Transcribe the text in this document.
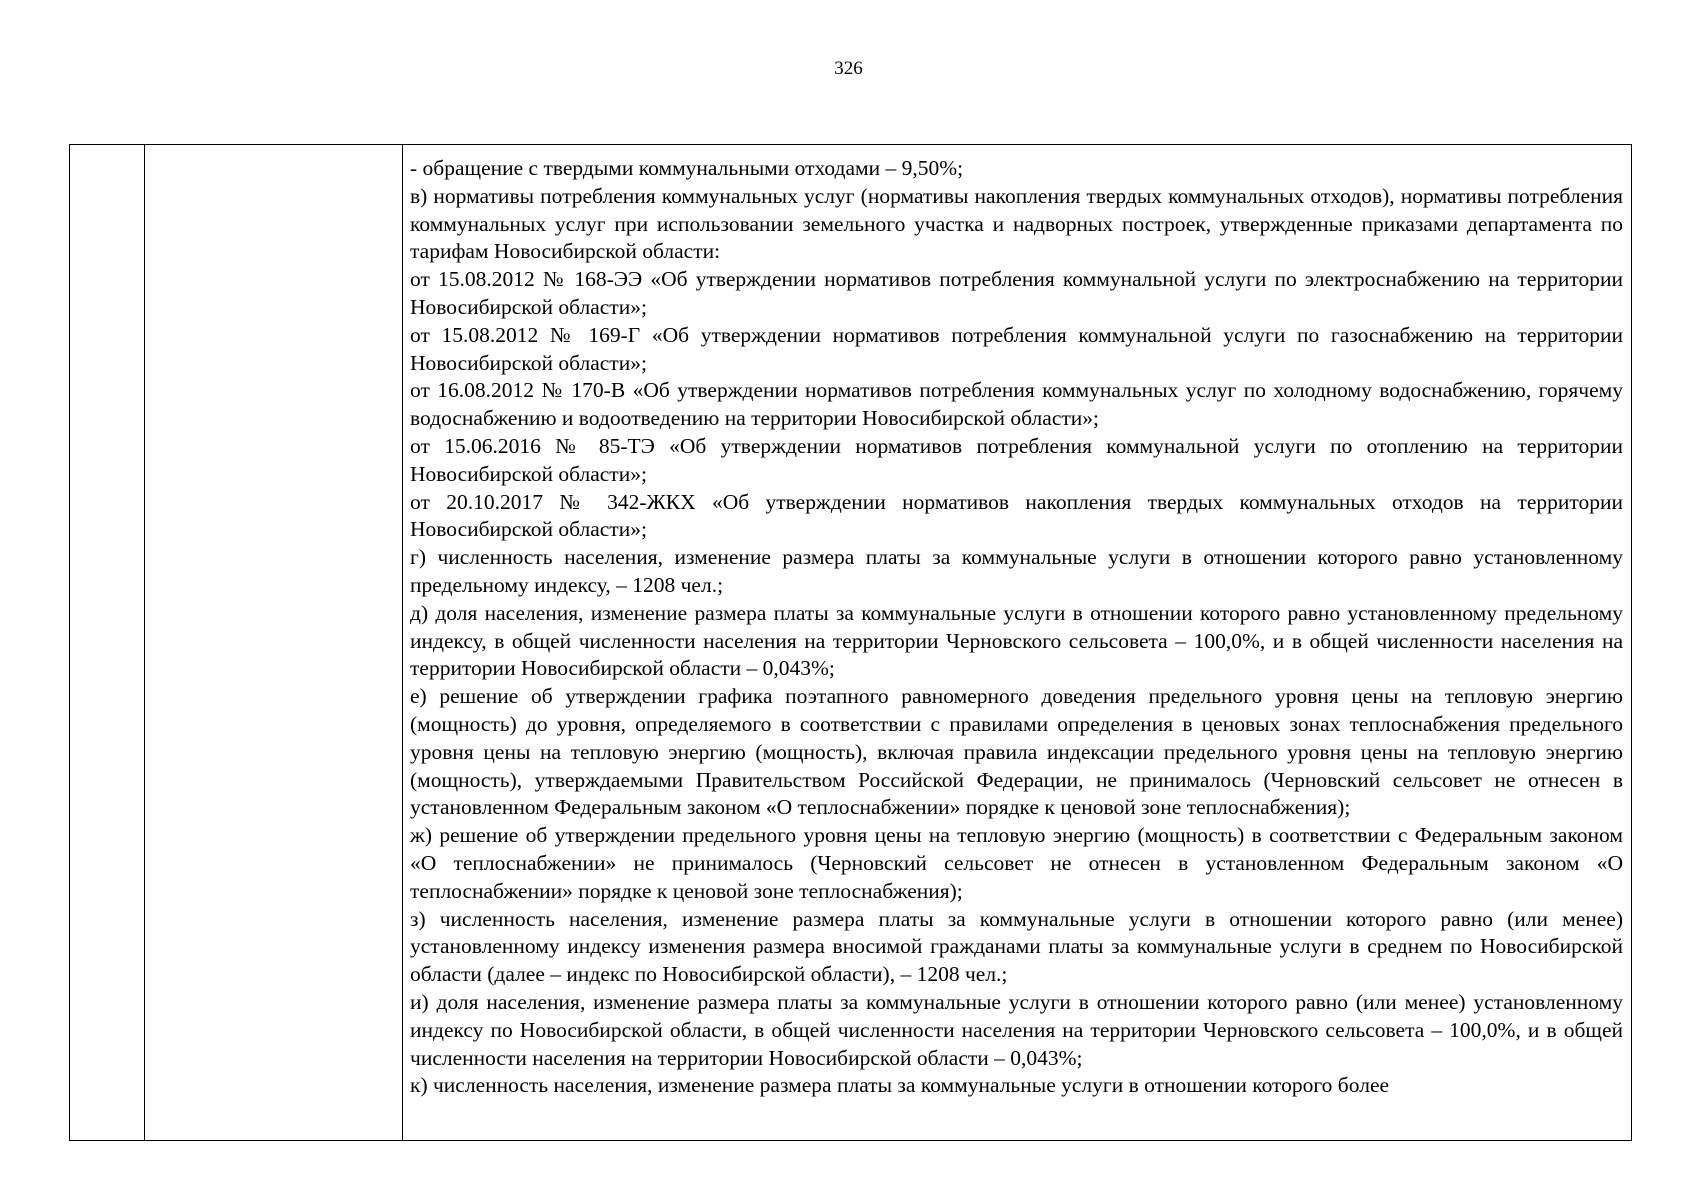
326

- обращение с твердыми коммунальными отходами – 9,50%;

в) нормативы потребления коммунальных услуг (нормативы накопления твердых коммунальных отходов), нормативы потребления коммунальных услуг при использовании земельного участка и надворных построек, утвержденные приказами департамента по тарифам Новосибирской области:

от 15.08.2012 № 168-ЭЭ «Об утверждении нормативов потребления коммунальной услуги по электроснабжению на территории Новосибирской области»;

от 15.08.2012 № 169-Г «Об утверждении нормативов потребления коммунальной услуги по газоснабжению на территории Новосибирской области»;

от 16.08.2012 № 170-В «Об утверждении нормативов потребления коммунальных услуг по холодному водоснабжению, горячему водоснабжению и водоотведению на территории Новосибирской области»;

от 15.06.2016 № 85-ТЭ «Об утверждении нормативов потребления коммунальной услуги по отоплению на территории Новосибирской области»;

от 20.10.2017 № 342-ЖКХ «Об утверждении нормативов накопления твердых коммунальных отходов на территории Новосибирской области»;

г) численность населения, изменение размера платы за коммунальные услуги в отношении которого равно установленному предельному индексу, – 1208 чел.;

д) доля населения, изменение размера платы за коммунальные услуги в отношении которого равно установленному предельному индексу, в общей численности населения на территории Черновского сельсовета – 100,0%, и в общей численности населения на территории Новосибирской области – 0,043%;

е) решение об утверждении графика поэтапного равномерного доведения предельного уровня цены на тепловую энергию (мощность) до уровня, определяемого в соответствии с правилами определения в ценовых зонах теплоснабжения предельного уровня цены на тепловую энергию (мощность), включая правила индексации предельного уровня цены на тепловую энергию (мощность), утверждаемыми Правительством Российской Федерации, не принималось (Черновский сельсовет не отнесен в установленном Федеральным законом «О теплоснабжении» порядке к ценовой зоне теплоснабжения);

ж) решение об утверждении предельного уровня цены на тепловую энергию (мощность) в соответствии с Федеральным законом «О теплоснабжении» не принималось (Черновский сельсовет не отнесен в установленном Федеральным законом «О теплоснабжении» порядке к ценовой зоне теплоснабжения);

з) численность населения, изменение размера платы за коммунальные услуги в отношении которого равно (или менее) установленному индексу изменения размера вносимой гражданами платы за коммунальные услуги в среднем по Новосибирской области (далее – индекс по Новосибирской области), – 1208 чел.;

и) доля населения, изменение размера платы за коммунальные услуги в отношении которого равно (или менее) установленному индексу по Новосибирской области, в общей численности населения на территории Черновского сельсовета – 100,0%, и в общей численности населения на территории Новосибирской области – 0,043%;

к) численность населения, изменение размера платы за коммунальные услуги в отношении которого более
